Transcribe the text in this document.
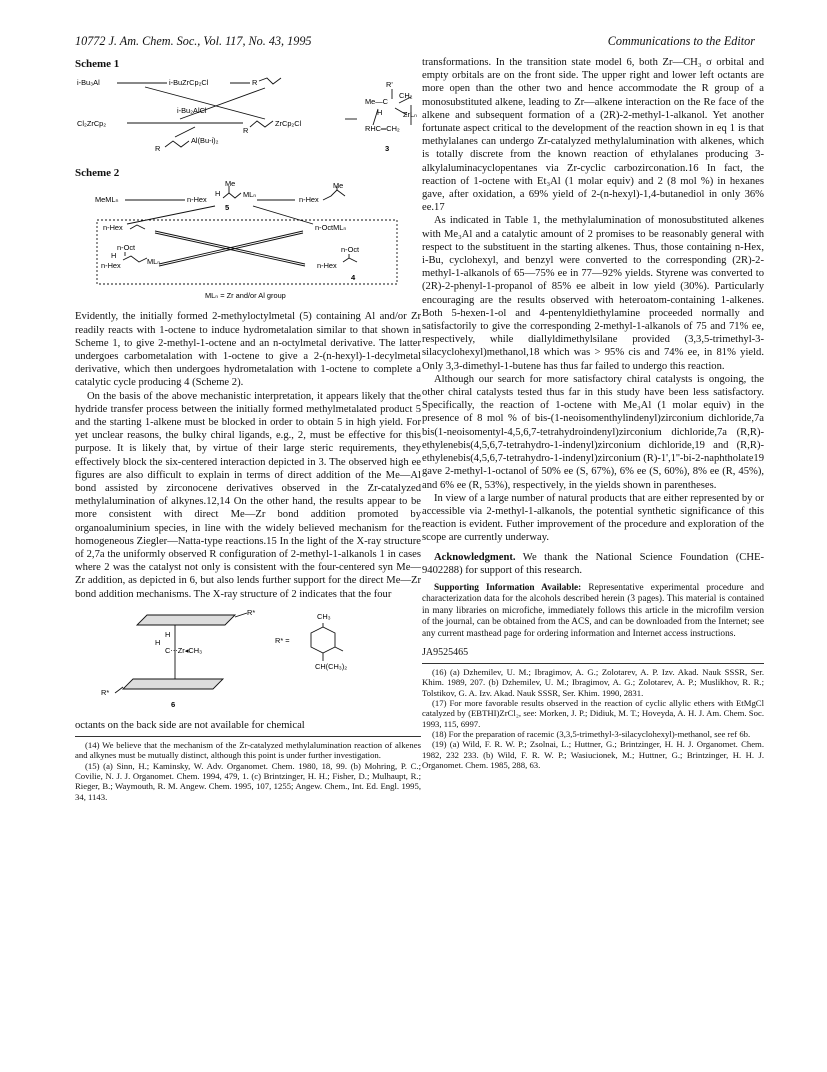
10772 J. Am. Chem. Soc., Vol. 117, No. 43, 1995	Communications to the Editor
Scheme 1
i-Bu₃Al	i-BuZrCp₂Cl	R	R'
Me—C
CH₂
H	ZrLₙ
i-Bu₂AlCl
Cl₂ZrCp₂
R
ZrCp₂Cl
RHC═CH₂
R
Al(Bu-i)₂
3
Scheme 2
MeMLₙ
Me
H
n-Hex
MLₙ
5
Me
n-Hex
n-Hex	n-OctMLₙ
n-Oct
H
n-Hex	MLₙ
n-Oct
n-Hex
4
MLₙ = Zr and/or Al group

Evidently, the initially formed 2-methyloctylmetal (5) containing Al and/or Zr readily reacts with 1-octene to induce hydrometalation similar to that shown in Scheme 1, to give 2-methyl-1-octene and an n-octylmetal derivative. The latter undergoes carbometalation with 1-octene to give a 2-(n-hexyl)-1-decylmetal derivative, which then undergoes hydrometalation with 1-octene to complete a catalytic cycle producing 4 (Scheme 2).

On the basis of the above mechanistic interpretation, it appears likely that the hydride transfer process between the initially formed methylmetalated product 5 and the starting 1-alkene must be blocked in order to obtain 5 in high yield. For yet unclear reasons, the bulky chiral ligands, e.g., 2, must be effective for this purpose. It is likely that, by virtue of their large steric requirements, they effectively block the six-centered interaction depicted in 3. The observed high ee figures are also difficult to explain in terms of direct addition of the Me—Al bond assisted by zirconocene derivatives observed in the Zr-catalyzed methylalumination of alkynes.12,14 On the other hand, the results appear to be more consistent with direct Me—Zr bond addition promoted by organoaluminium species, in line with the widely believed mechanism for the homogeneous Ziegler—Natta-type reactions.15 In the light of the X-ray structure of 2,7a the uniformly observed R configuration of 2-methyl-1-alkanols 1 in cases where 2 was the catalyst not only is consistent with the four-centered syn Me—Zr addition, as depicted in 6, but also lends further support for the direct Me—Zr bond addition mechanisms. The X-ray structure of 2 indicates that the four

R*
H
H
C⋯Zr◂CH₃
R*
R* =
CH₃
CH(CH₃)₂
6

octants on the back side are not available for chemical

(14) We believe that the mechanism of the Zr-catalyzed methylalumination reaction of alkenes and alkynes must be mutually distinct, although this point is under further investigation.
(15) (a) Sinn, H.; Kaminsky, W. Adv. Organomet. Chem. 1980, 18, 99. (b) Mohring, P. C.; Covilie, N. J. J. Organomet. Chem. 1994, 479, 1. (c) Brintzinger, H. H.; Fisher, D.; Mulhaupt, R.; Rieger, B.; Waymouth, R. M. Angew. Chem. 1995, 107, 1255; Angew. Chem., Int. Ed. Engl. 1995, 34, 1143.

transformations. In the transition state model 6, both Zr—CH₃ σ orbital and empty orbitals are on the front side. The upper right and lower left octants are more open than the other two and hence accommodate the R group of a monosubstituted alkene, leading to Zr—alkene interaction on the Re face of the alkene and subsequent formation of a (2R)-2-methyl-1-alkanol. Yet another fortunate aspect critical to the development of the reaction shown in eq 1 is that methylalanes can undergo Zr-catalyzed methylalumination with alkenes, which is totally discrete from the known reaction of ethylalanes producing 3-alkylaluminacyclopentanes via Zr-cyclic carbozirconation.16 In fact, the reaction of 1-octene with Et₃Al (1 molar equiv) and 2 (8 mol %) in hexanes gave, after oxidation, a 69% yield of 2-(n-hexyl)-1,4-butanediol in only 36% ee.17

As indicated in Table 1, the methylalumination of monosubstituted alkenes with Me₃Al and a catalytic amount of 2 promises to be reasonably general with respect to the substituent in the starting alkenes. Thus, those containing n-Hex, i-Bu, cyclohexyl, and benzyl were converted to the corresponding (2R)-2-methyl-1-alkanols of 65—75% ee in 77—92% yields. Styrene was converted to (2R)-2-phenyl-1-propanol of 85% ee albeit in low yield (30%). Particularly encouraging are the results observed with heteroatom-containing 1-alkenes. Both 5-hexen-1-ol and 4-pentenyldiethylamine proceeded normally and satisfactorily to give the corresponding 2-methyl-1-alkanols of 75 and 71% ee, respectively, while diallyldimethylsilane provided (3,3,5-trimethyl-3-silacyclohexyl)methanol,18 which was > 95% cis and 74% ee, in 81% yield. Only 3,3-dimethyl-1-butene has thus far failed to undergo this reaction.

Although our search for more satisfactory chiral catalysts is ongoing, the other chiral catalysts tested thus far in this study have been less satisfactory. Specifically, the reaction of 1-octene with Me₃Al (1 molar equiv) in the presence of 8 mol % of bis-(1-neoisomenthylindenyl)zirconium dichloride,7a bis(1-neoisomentyl-4,5,6,7-tetrahydroindenyl)zirconium dichloride,7a (R,R)-ethylenebis(4,5,6,7-tetrahydro-1-indenyl)zirconium dichloride,19 and (R,R)-ethylenebis(4,5,6,7-tetrahydro-1-indenyl)zirconium (R)-1',1''-bi-2-naphtholate19 gave 2-methyl-1-octanol of 50% ee (S, 67%), 6% ee (S, 60%), 8% ee (R, 45%), and 6% ee (R, 53%), respectively, in the yields shown in parentheses.

In view of a large number of natural products that are either represented by or accessible via 2-methyl-1-alkanols, the potential synthetic significance of this reaction is evident. Futher improvement of the procedure and exploration of the scope are currently underway.

Acknowledgment. We thank the National Science Foundation (CHE-9402288) for support of this research.

Supporting Information Available: Representative experimental procedure and characterization data for the alcohols described herein (3 pages). This material is contained in many libraries on microfiche, immediately follows this article in the microfilm version of the journal, can be obtained from the ACS, and can be downloaded from the Internet; see any current masthead page for ordering information and Internet access instructions.
JA9525465
(16) (a) Dzhemilev, U. M.; Ibragimov, A. G.; Zolotarev, A. P. Izv. Akad. Nauk SSSR, Ser. Khim. 1989, 207. (b) Dzhemilev, U. M.; Ibragimov, A. G.; Zolotarev, A. P.; Muslikhov, R. R.; Tolstikov, G. A. Izv. Akad. Nauk SSSR, Ser. Khim. 1990, 2831.
(17) For more favorable results observed in the reaction of cyclic allylic ethers with EtMgCl catalyzed by (EBTHI)ZrCl₂, see: Morken, J. P.; Didiuk, M. T.; Hoveyda, A. H. J. Am. Chem. Soc. 1993, 115, 6997.
(18) For the preparation of racemic (3,3,5-trimethyl-3-silacyclohexyl)-methanol, see ref 6b.
(19) (a) Wild, F. R. W. P.; Zsolnai, L.; Huttner, G.; Brintzinger, H. H. J. Organomet. Chem. 1982, 232 233. (b) Wild, F. R. W. P.; Wasiucionek, M.; Huttner, G.; Brintzinger, H. H. J. Organomet. Chem. 1985, 288, 63.
